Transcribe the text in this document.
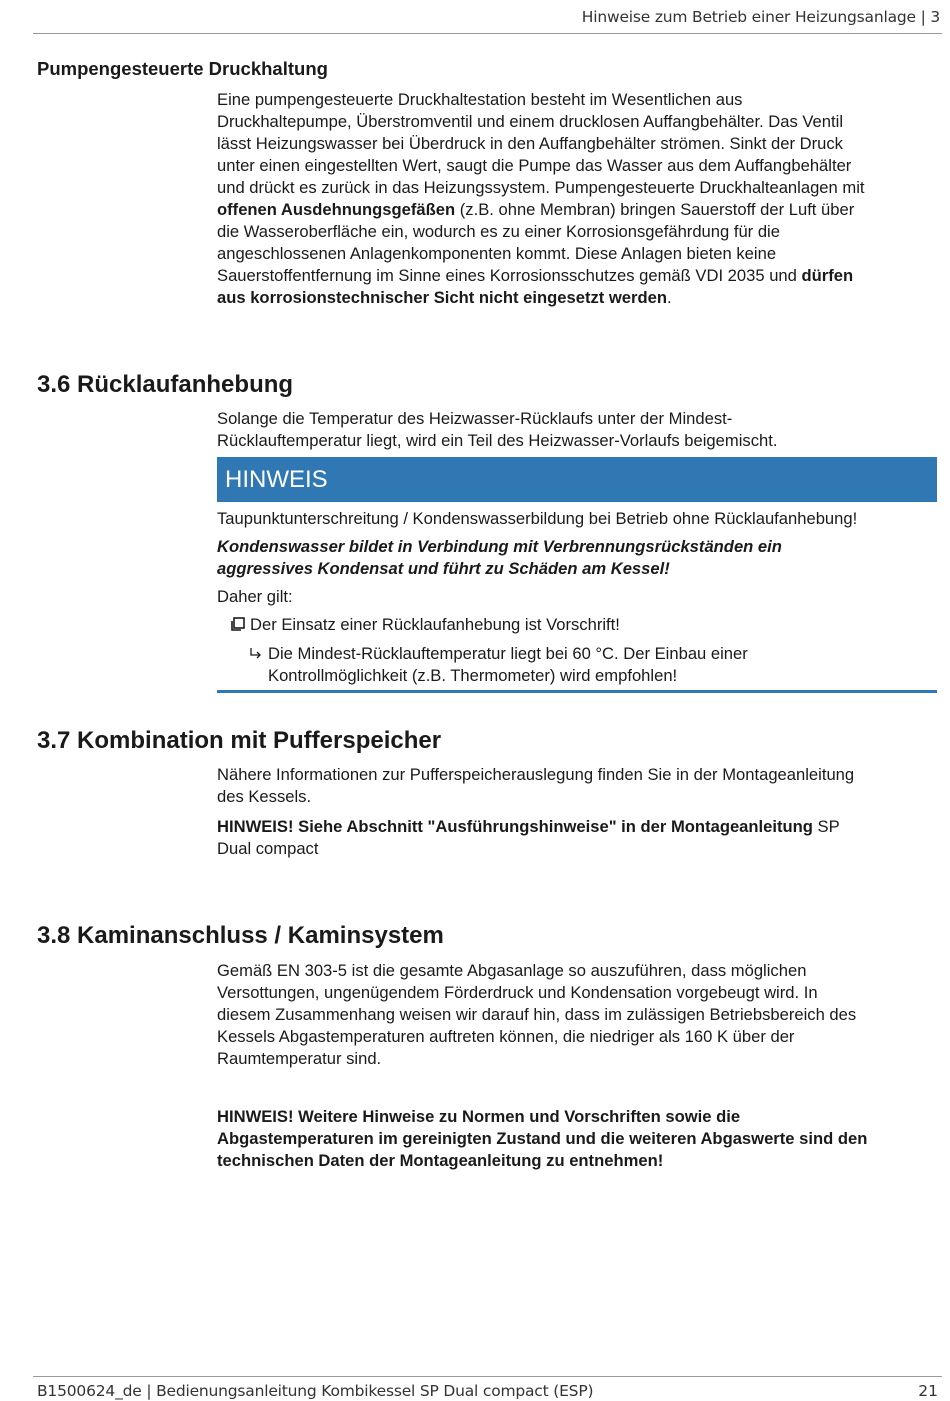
Hinweise zum Betrieb einer Heizungsanlage | 3
Pumpengesteuerte Druckhaltung

Eine pumpengesteuerte Druckhaltestation besteht im Wesentlichen aus

Druckhaltepumpe, Überstromventil und einem drucklosen Auffangbehälter. Das Ventil

lässt Heizungswasser bei Überdruck in den Auffangbehälter strömen. Sinkt der Druck

unter einen eingestellten Wert, saugt die Pumpe das Wasser aus dem Auffangbehälter

und drückt es zurück in das Heizungssystem. Pumpengesteuerte Druckhalteanlagen mit

offenen Ausdehnungsgefäßen (z.B. ohne Membran) bringen Sauerstoff der Luft über

die Wasseroberfläche ein, wodurch es zu einer Korrosionsgefährdung für die

angeschlossenen Anlagenkomponenten kommt. Diese Anlagen bieten keine

Sauerstoffentfernung im Sinne eines Korrosionsschutzes gemäß VDI 2035 und dürfen

aus korrosionstechnischer Sicht nicht eingesetzt werden.

3.6 Rücklaufanhebung

Solange die Temperatur des Heizwasser-Rücklaufs unter der Mindest-

Rücklauftemperatur liegt, wird ein Teil des Heizwasser-Vorlaufs beigemischt.

HINWEIS
Taupunktunterschreitung / Kondenswasserbildung bei Betrieb ohne Rücklaufanhebung!

Kondenswasser bildet in Verbindung mit Verbrennungsrückständen ein

aggressives Kondensat und führt zu Schäden am Kessel!

Daher gilt:
Der Einsatz einer Rücklaufanhebung ist Vorschrift!

Die Mindest-Rücklauftemperatur liegt bei 60 °C. Der Einbau einer

Kontrollmöglichkeit (z.B. Thermometer) wird empfohlen!

3.7 Kombination mit Pufferspeicher

Nähere Informationen zur Pufferspeicherauslegung finden Sie in der Montageanleitung

des Kessels.

HINWEIS! Siehe Abschnitt "Ausführungshinweise" in der Montageanleitung SP

Dual compact

3.8 Kaminanschluss / Kaminsystem

Gemäß EN 303-5 ist die gesamte Abgasanlage so auszuführen, dass möglichen

Versottungen, ungenügendem Förderdruck und Kondensation vorgebeugt wird. In

diesem Zusammenhang weisen wir darauf hin, dass im zulässigen Betriebsbereich des

Kessels Abgastemperaturen auftreten können, die niedriger als 160 K über der

Raumtemperatur sind.

HINWEIS! Weitere Hinweise zu Normen und Vorschriften sowie die

Abgastemperaturen im gereinigten Zustand und die weiteren Abgaswerte sind den

technischen Daten der Montageanleitung zu entnehmen!

B1500624_de | Bedienungsanleitung Kombikessel SP Dual compact (ESP)	21
